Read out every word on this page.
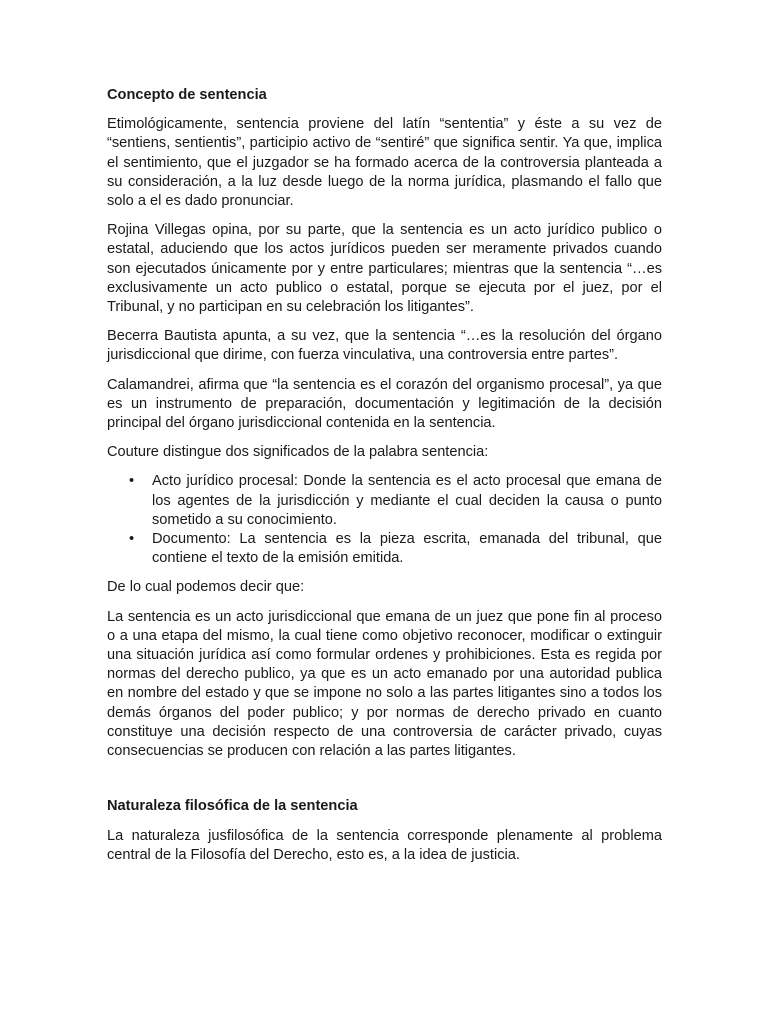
Concepto de sentencia

Etimológicamente, sentencia proviene del latín “sententia” y éste a su vez de “sentiens, sentientis”, participio activo de “sentiré” que significa sentir. Ya que, implica el sentimiento, que el juzgador se ha formado acerca de la controversia planteada a su consideración, a la luz desde luego de la norma jurídica, plasmando el fallo que solo a el es dado pronunciar.

Rojina Villegas opina, por su parte, que la sentencia es un acto jurídico publico o estatal, aduciendo que los actos jurídicos pueden ser meramente privados cuando son ejecutados únicamente por y entre particulares; mientras que la sentencia “…es exclusivamente un acto publico o estatal, porque se ejecuta por el juez, por el Tribunal, y no participan en su celebración los litigantes”.

Becerra Bautista apunta, a su vez, que la sentencia “…es la resolución del órgano jurisdiccional que dirime, con fuerza vinculativa, una controversia entre partes”.

Calamandrei, afirma que “la sentencia es el corazón del organismo procesal”, ya que es un instrumento de preparación, documentación y legitimación de la decisión principal del órgano jurisdiccional contenida en la sentencia.

Couture distingue dos significados de la palabra sentencia:

• Acto jurídico procesal: Donde la sentencia es el acto procesal que emana de los agentes de la jurisdicción y mediante el cual deciden la causa o punto sometido a su conocimiento.
• Documento: La sentencia es la pieza escrita, emanada del tribunal, que contiene el texto de la emisión emitida.

De lo cual podemos decir que:

La sentencia es un acto jurisdiccional que emana de un juez que pone fin al proceso o a una etapa del mismo, la cual tiene como objetivo reconocer, modificar o extinguir una situación jurídica así como formular ordenes y prohibiciones. Esta es regida por normas del derecho publico, ya que es un acto emanado por una autoridad publica en nombre del estado y que se impone no solo a las partes litigantes sino a todos los demás órganos del poder publico; y por normas de derecho privado en cuanto constituye una decisión respecto de una controversia de carácter privado, cuyas consecuencias se producen con relación a las partes litigantes.

Naturaleza filosófica de la sentencia

La naturaleza jusfilosófica de la sentencia corresponde plenamente al problema central de la Filosofía del Derecho, esto es, a la idea de justicia.
